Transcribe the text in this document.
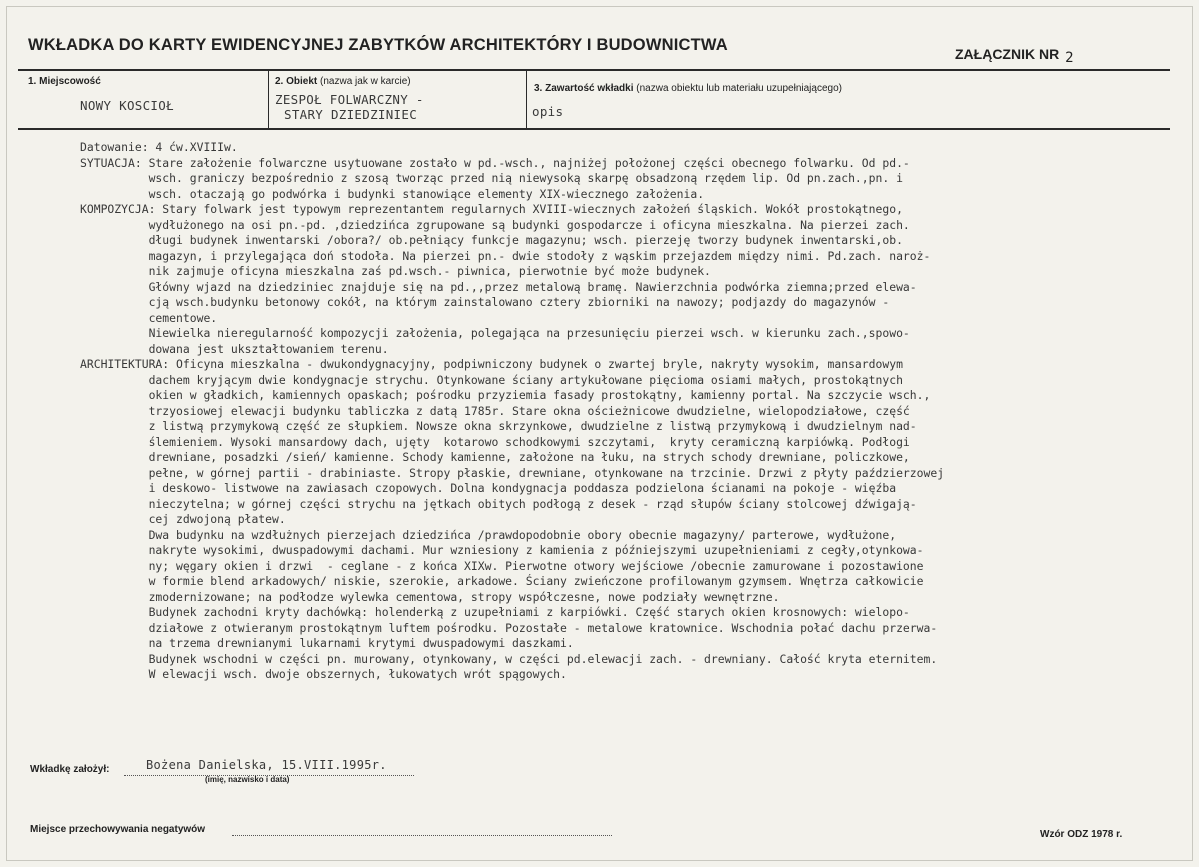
WKŁADKA DO KARTY EWIDENCYJNEJ ZABYTKÓW ARCHITEKTÓRY I BUDOWNICTWA	ZAŁĄCZNIK NR 2
1. Miejscowość
NOWY KOSCIOŁ
2. Obiekt (nazwa jak w karcie)
ZESPOŁ FOLWARCZNY -
STARY DZIEDZINIEC
3. Zawartość wkładki (nazwa obiektu lub materiału uzupełniającego)
opis
Datowanie: 4 ćw.XVIIIw.
SYTUACJA: Stare założenie folwarczne usytuowane zostało w pd.-wsch., najniżej położonej części obecnego folwarku. Od pd.-
wsch. graniczy bezpośrednio z szosą tworząc przed nią niewysoką skarpę obsadzoną rzędem lip. Od pn.zach.,pn. i
wsch. otaczają go podwórka i budynki stanowiące elementy XIX-wiecznego założenia.
KOMPOZYCJA: Stary folwark jest typowym reprezentantem regularnych XVIII-wiecznych założeń śląskich. Wokół prostokątnego,
wydłużonego na osi pn.-pd. ,dziedzińca zgrupowane są budynki gospodarcze i oficyna mieszkalna. Na pierzei zach.
długi budynek inwentarski /obora?/ ob.pełniący funkcje magazynu; wsch. pierzeję tworzy budynek inwentarski,ob.
magazyn, i przylegająca doń stodoła. Na pierzei pn.- dwie stodoły z wąskim przejazdem między nimi. Pd.zach. naroż-
nik zajmuje oficyna mieszkalna zaś pd.wsch.- piwnica, pierwotnie być może budynek.
Główny wjazd na dziedziniec znajduje się na pd.,,przez metalową bramę. Nawierzchnia podwórka ziemna;przed elewa-
cją wsch.budynku betonowy cokół, na którym zainstalowano cztery zbiorniki na nawozy; podjazdy do magazynów -
cementowe.
Niewielka nieregularność kompozycji założenia, polegająca na przesunięciu pierzei wsch. w kierunku zach.,spowo-
dowana jest ukształtowaniem terenu.
ARCHITEKTURA: Oficyna mieszkalna - dwukondygnacyjny, podpiwniczony budynek o zwartej bryle, nakryty wysokim, mansardowym
dachem kryjącym dwie kondygnacje strychu. Otynkowane ściany artykułowane pięcioma osiami małych, prostokątnych
okien w gładkich, kamiennych opaskach; pośrodku przyziemia fasady prostokątny, kamienny portal. Na szczycie wsch.,
trzyosiowej elewacji budynku tabliczka z datą 1785r. Stare okna ościeżnicowe dwudzielne, wielopodziałowe, część
z listwą przymykową część ze słupkiem. Nowsze okna skrzynkowe, dwudzielne z listwą przymykową i dwudzielnym nad-
ślemieniem. Wysoki mansardowy dach, ujęty  kotarowo schodkowymi szczytami,  kryty ceramiczną karpiówką. Podłogi
drewniane, posadzki /sień/ kamienne. Schody kamienne, założone na łuku, na strych schody drewniane, policzkowe,
pełne, w górnej partii - drabiniaste. Stropy płaskie, drewniane, otynkowane na trzcinie. Drzwi z płyty paździerzowej
i deskowo- listwowe na zawiasach czopowych. Dolna kondygnacja poddasza podzielona ścianami na pokoje - więźba
nieczytelna; w górnej części strychu na jętkach obitych podłogą z desek - rząd słupów ściany stolcowej dźwigają-
cej zdwojoną płatew.
Dwa budynku na wzdłużnych pierzejach dziedzińca /prawdopodobnie obory obecnie magazyny/ parterowe, wydłużone,
nakryte wysokimi, dwuspadowymi dachami. Mur wzniesiony z kamienia z późniejszymi uzupełnieniami z cegły,otynkowa-
ny; węgary okien i drzwi  - ceglane - z końca XIXw. Pierwotne otwory wejściowe /obecnie zamurowane i pozostawione
w formie blend arkadowych/ niskie, szerokie, arkadowe. Ściany zwieńczone profilowanym gzymsem. Wnętrza całkowicie
zmodernizowane; na podłodze wylewka cementowa, stropy współczesne, nowe podziały wewnętrzne.
Budynek zachodni kryty dachówką: holenderką z uzupełniami z karpiówki. Część starych okien krosnowych: wielopo-
działowe z otwieranym prostokątnym luftem pośrodku. Pozostałe - metalowe kratownice. Wschodnia połać dachu przerwa-
na trzema drewnianymi lukarnami krytymi dwuspadowymi daszkami.
Budynek wschodni w części pn. murowany, otynkowany, w części pd.elewacji zach. - drewniany. Całość kryta eternitem.
W elewacji wsch. dwoje obszernych, łukowatych wrót spągowych.
Wkładkę założył:	Bożena Danielska, 15.VIII.1995r.
(imię, nazwisko i data)
Miejsce przechowywania negatywów	Wzór ODZ 1978 r.
